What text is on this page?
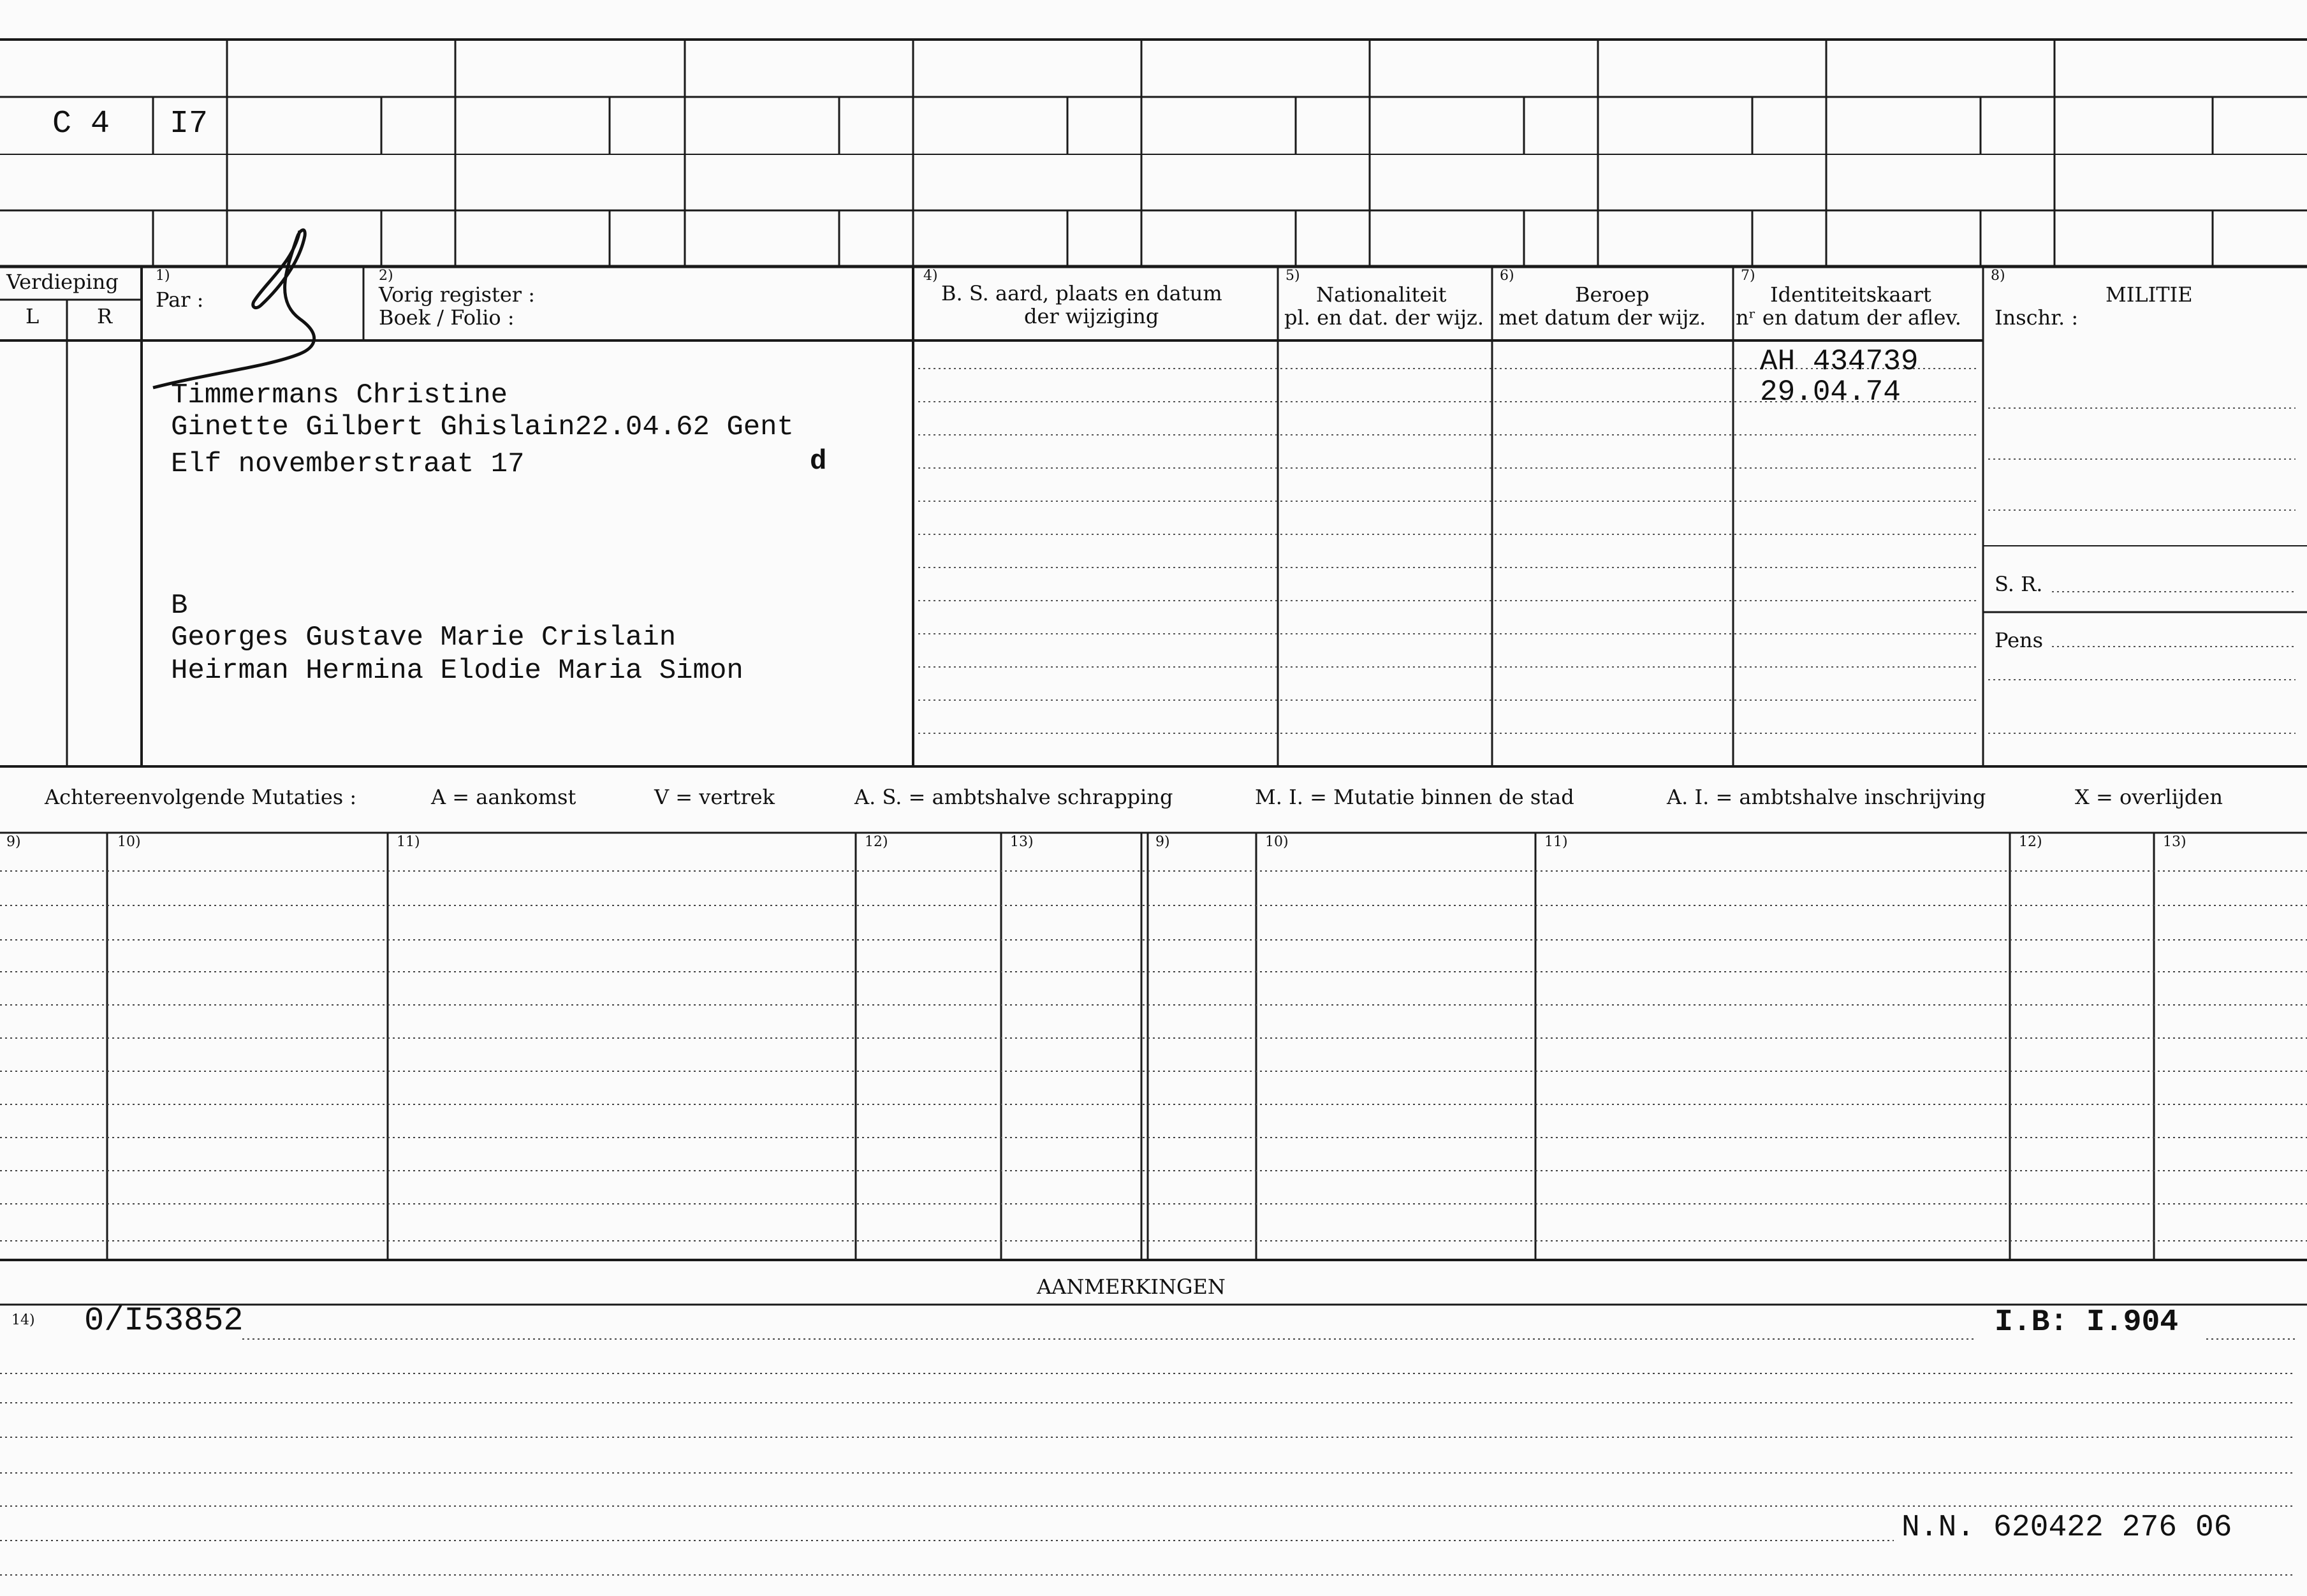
C 4 I7
Verdieping
L	R
1)
Par :
2)
Vorig register :
Boek / Folio :
4)
B. S. aard, plaats en datum
der wijziging
5)
Nationaliteit
pl. en dat. der wijz.
6)
Beroep
met datum der wijz.
7)
Identiteitskaart
nʳ en datum der aflev.
8)
MILITIE
Inschr. :
S. R.
Pens
Timmermans Christine
Ginette Gilbert Ghislain22.04.62 Gent
Elf novemberstraat 17	d
B
Georges Gustave Marie Crislain
Heirman Hermina Elodie Maria Simon
AH 434739
29.04.74
Achtereenvolgende Mutaties :	A = aankomst	V = vertrek	A. S. = ambtshalve schrapping	M. I. = Mutatie binnen de stad	A. I. = ambtshalve inschrijving	X = overlijden
9)	10)	11)	12)	13)	9)	10)	11)	12)	13)
AANMERKINGEN
14) 0/I53852	I.B: I.904
N.N. 620422 276 06
